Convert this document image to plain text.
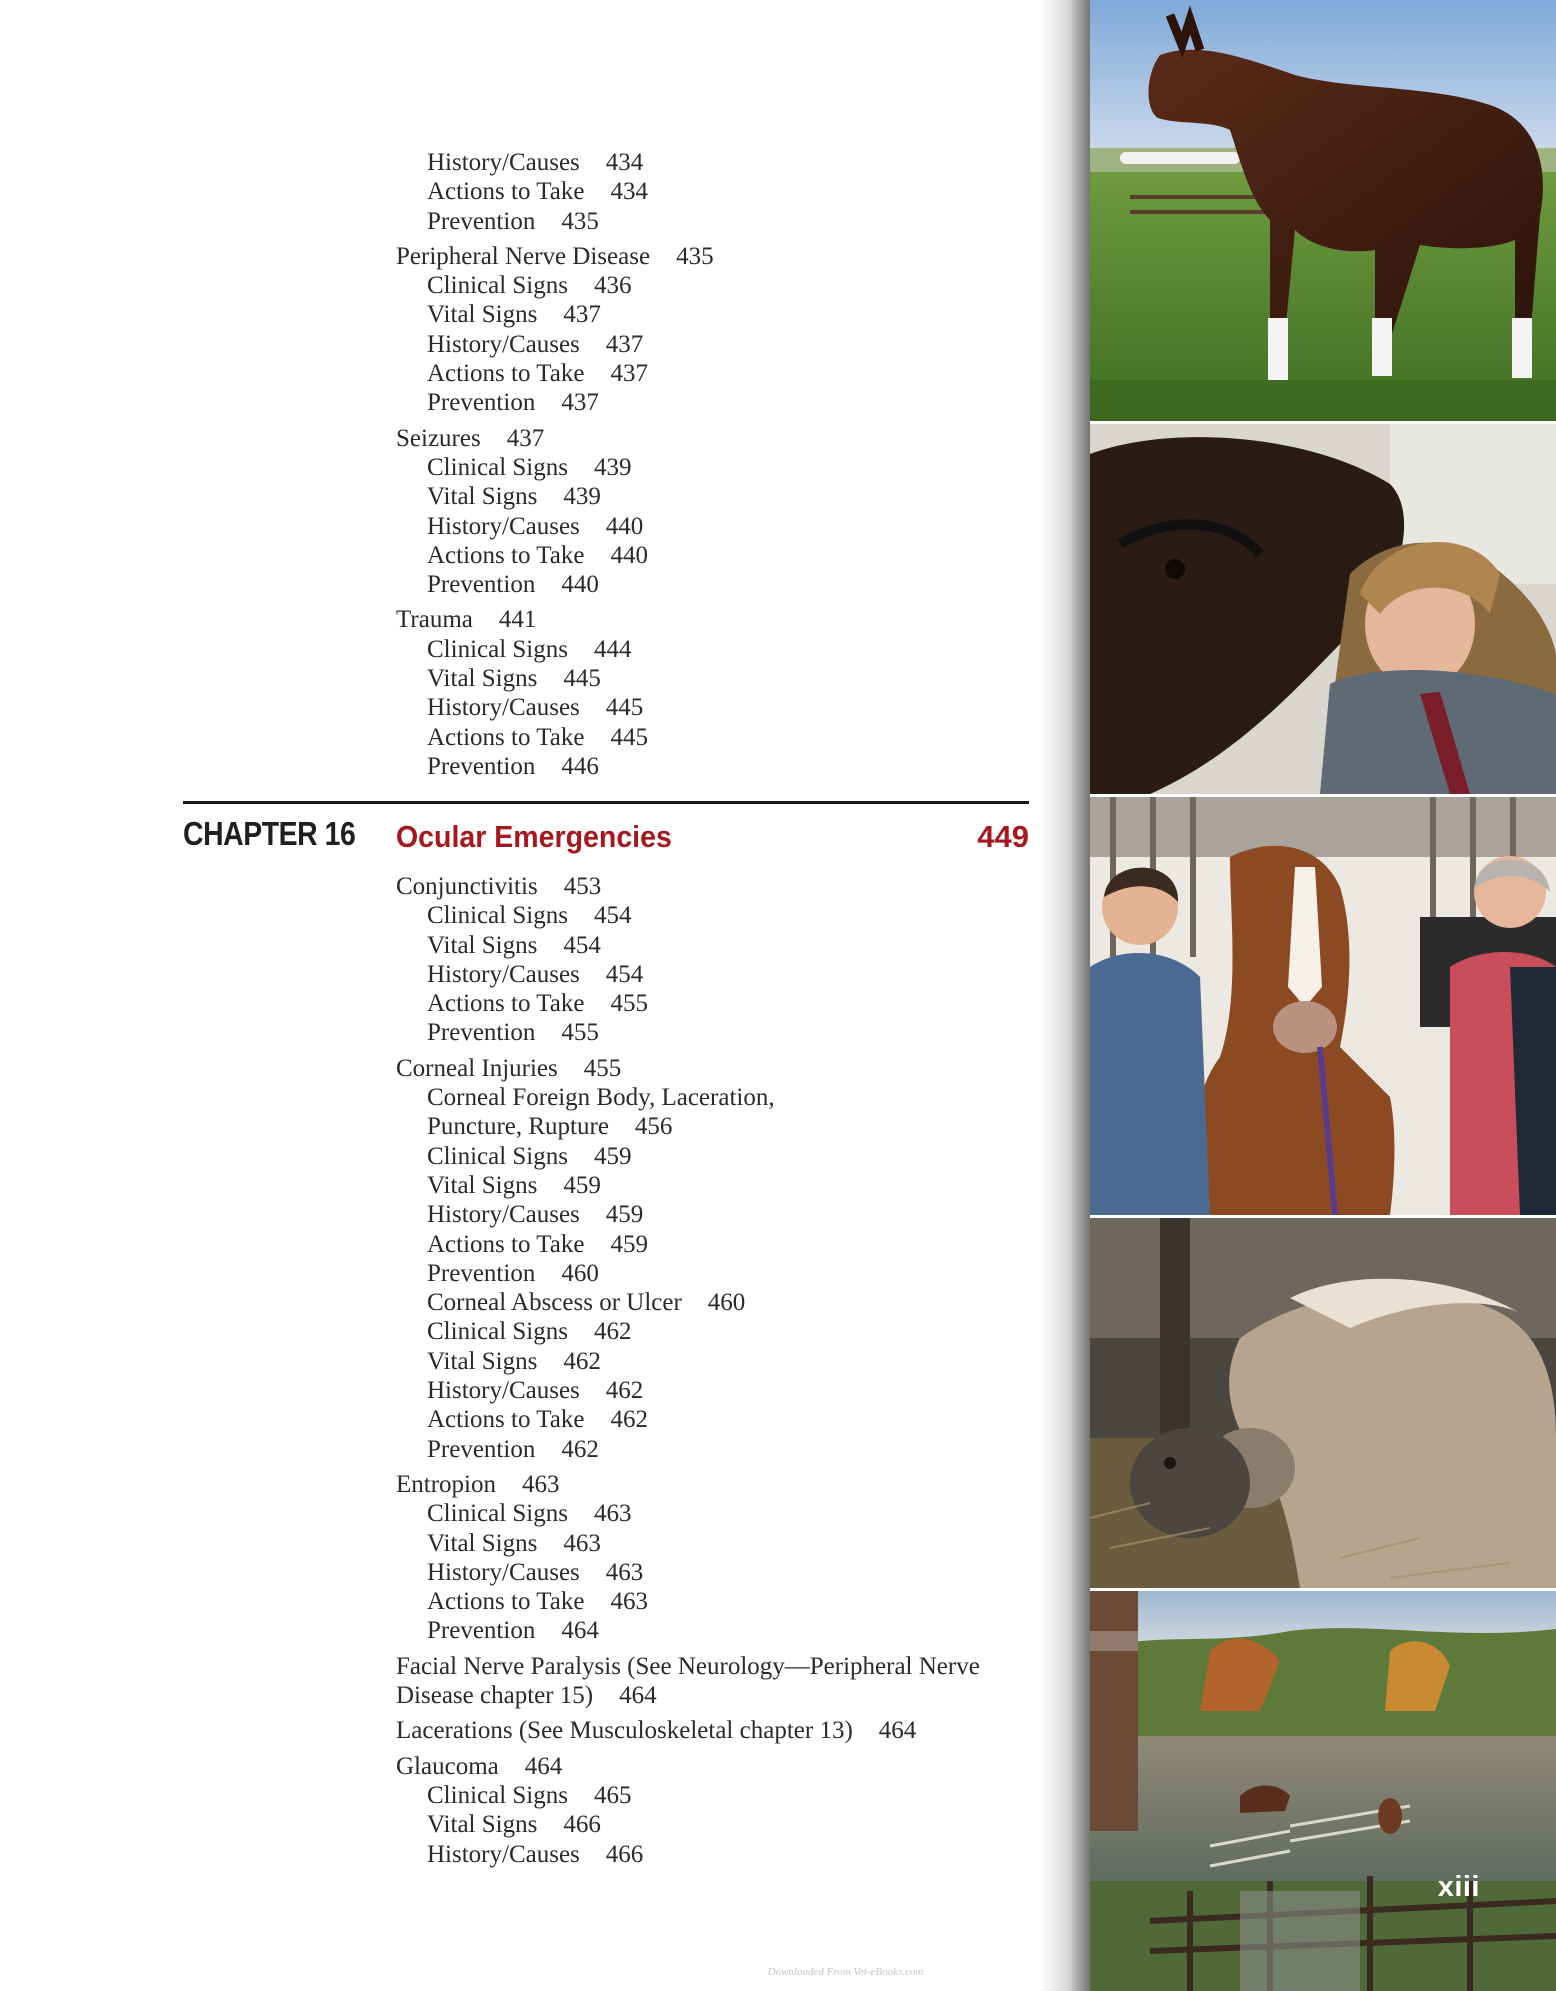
History/Causes 434
Actions to Take 434
Prevention 435
Peripheral Nerve Disease 435
Clinical Signs 436
Vital Signs 437
History/Causes 437
Actions to Take 437
Prevention 437
Seizures 437
Clinical Signs 439
Vital Signs 439
History/Causes 440
Actions to Take 440
Prevention 440
Trauma 441
Clinical Signs 444
Vital Signs 445
History/Causes 445
Actions to Take 445
Prevention 446
CHAPTER 16 Ocular Emergencies	449
Conjunctivitis 453
Clinical Signs 454
Vital Signs 454
History/Causes 454
Actions to Take 455
Prevention 455
Corneal Injuries 455
Corneal Foreign Body, Laceration,
Puncture, Rupture 456
Clinical Signs 459
Vital Signs 459
History/Causes 459
Actions to Take 459
Prevention 460
Corneal Abscess or Ulcer 460
Clinical Signs 462
Vital Signs 462
History/Causes 462
Actions to Take 462
Prevention 462
Entropion 463
Clinical Signs 463
Vital Signs 463
History/Causes 463
Actions to Take 463
Prevention 464
Facial Nerve Paralysis (See Neurology—Peripheral Nerve
Disease chapter 15) 464
Lacerations (See Musculoskeletal chapter 13) 464
Glaucoma 464
Clinical Signs 465
Vital Signs 466
History/Causes 466
xiii
Downloaded From Vet-eBooks.com
